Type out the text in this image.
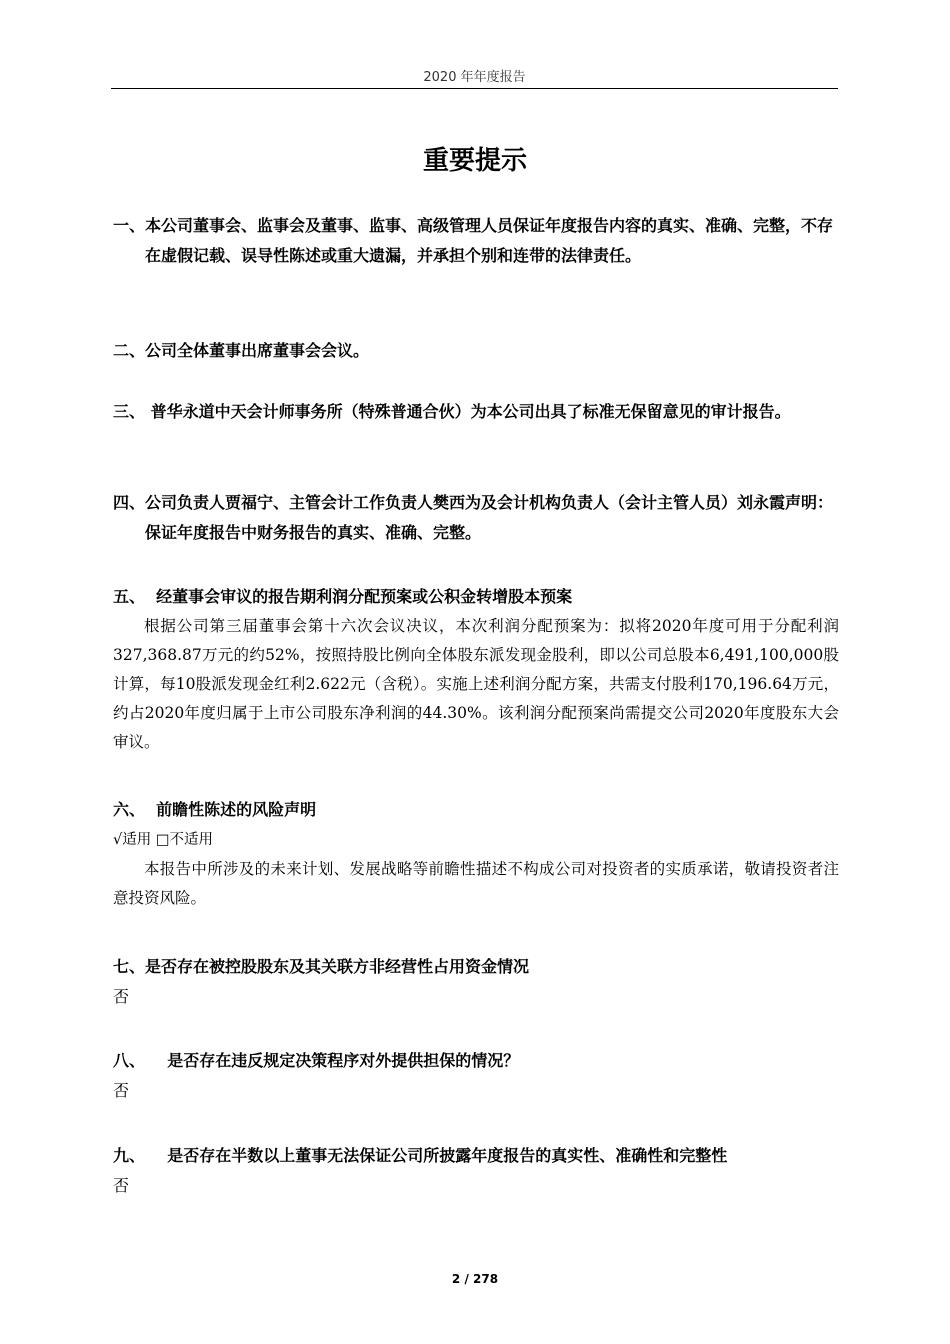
2020 年年度报告
重要提示
一、 本公司董事会、监事会及董事、监事、高级管理人员保证年度报告内容的真实、准确、完整，不存在虚假记载、误导性陈述或重大遗漏，并承担个别和连带的法律责任。
二、 公司全体董事出席董事会会议。
三、 普华永道中天会计师事务所（特殊普通合伙）为本公司出具了标准无保留意见的审计报告。
四、 公司负责人贾福宁、主管会计工作负责人樊西为及会计机构负责人（会计主管人员）刘永霞声明：保证年度报告中财务报告的真实、准确、完整。
五、 经董事会审议的报告期利润分配预案或公积金转增股本预案

根据公司第三届董事会第十六次会议决议，本次利润分配预案为：拟将2020年度可用于分配利润327,368.87万元的约52%，按照持股比例向全体股东派发现金股利，即以公司总股本6,491,100,000股计算，每10股派发现金红利2.622元（含税）。实施上述利润分配方案，共需支付股利170,196.64万元，约占2020年度归属于上市公司股东净利润的44.30%。该利润分配预案尚需提交公司2020年度股东大会审议。

六、 前瞻性陈述的风险声明
√适用 □不适用

本报告中所涉及的未来计划、发展战略等前瞻性描述不构成公司对投资者的实质承诺，敬请投资者注意投资风险。

七、 是否存在被控股股东及其关联方非经营性占用资金情况
否
八、 是否存在违反规定决策程序对外提供担保的情况？
否
九、 是否存在半数以上董事无法保证公司所披露年度报告的真实性、准确性和完整性
否
2 / 278
